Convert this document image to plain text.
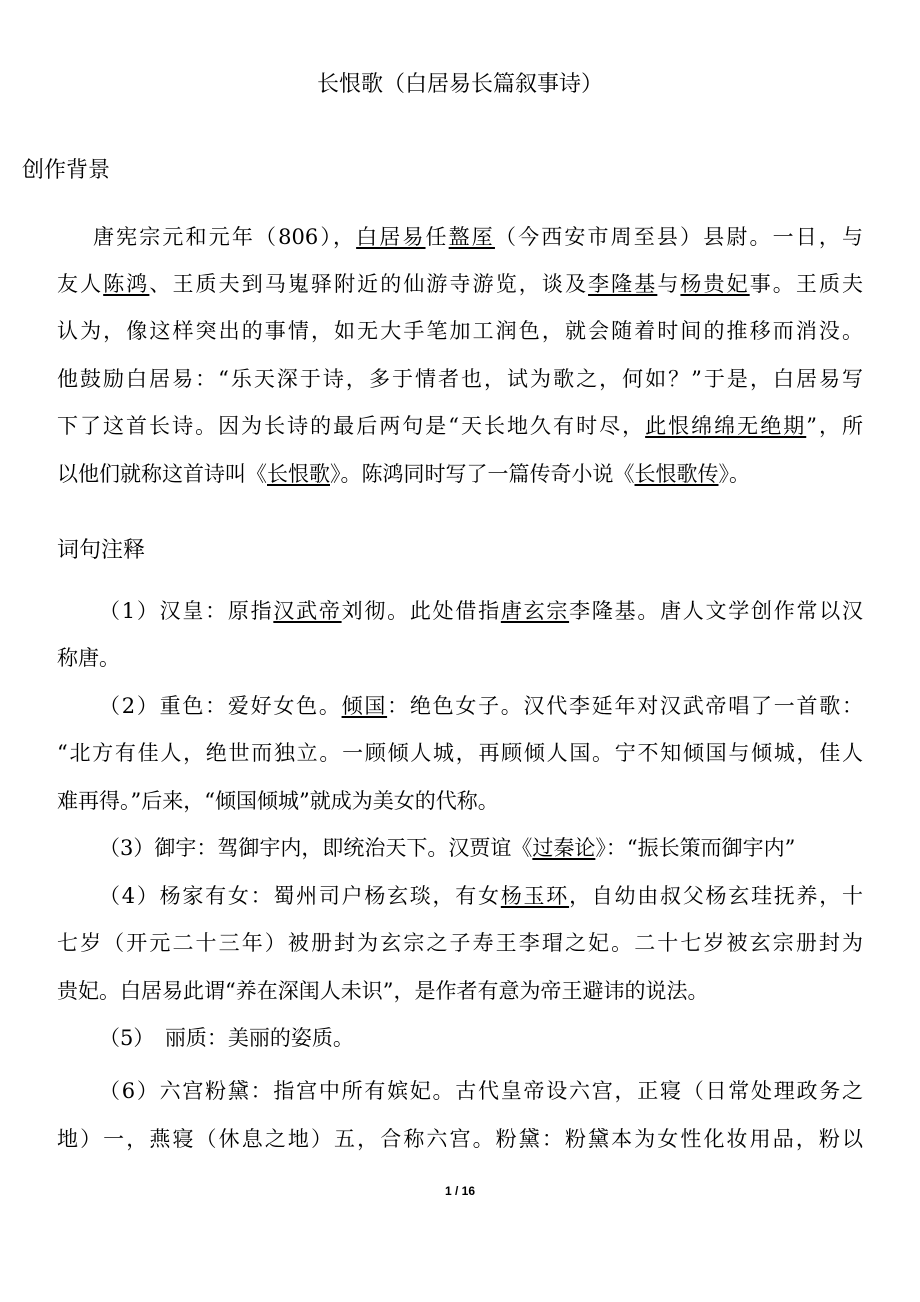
长恨歌（白居易长篇叙事诗）
创作背景
唐宪宗元和元年（806），白居易任盩厔（今西安市周至县）县尉。一日，与
友人陈鸿、王质夫到马嵬驿附近的仙游寺游览，谈及李隆基与杨贵妃事。王质夫
认为，像这样突出的事情，如无大手笔加工润色，就会随着时间的推移而消没。
他鼓励白居易：“乐天深于诗，多于情者也，试为歌之，何如？”于是，白居易写
下了这首长诗。因为长诗的最后两句是“天长地久有时尽，此恨绵绵无绝期”，所
以他们就称这首诗叫《长恨歌》。陈鸿同时写了一篇传奇小说《长恨歌传》。
词句注释
（1）汉皇：原指汉武帝刘彻。此处借指唐玄宗李隆基。唐人文学创作常以汉
称唐。
（2）重色：爱好女色。倾国：绝色女子。汉代李延年对汉武帝唱了一首歌：
“北方有佳人，绝世而独立。一顾倾人城，再顾倾人国。宁不知倾国与倾城，佳人
难再得。”后来，“倾国倾城”就成为美女的代称。
（3）御宇：驾御宇内，即统治天下。汉贾谊《过秦论》：“振长策而御宇内”
（4）杨家有女：蜀州司户杨玄琰，有女杨玉环，自幼由叔父杨玄珪抚养，十
七岁（开元二十三年）被册封为玄宗之子寿王李瑁之妃。二十七岁被玄宗册封为
贵妃。白居易此谓“养在深闺人未识”，是作者有意为帝王避讳的说法。
（5）　丽质：美丽的姿质。
（6）六宫粉黛：指宫中所有嫔妃。古代皇帝设六宫，正寝（日常处理政务之
地）一，燕寝（休息之地）五，合称六宫。粉黛：粉黛本为女性化妆用品，粉以
1 / 16
